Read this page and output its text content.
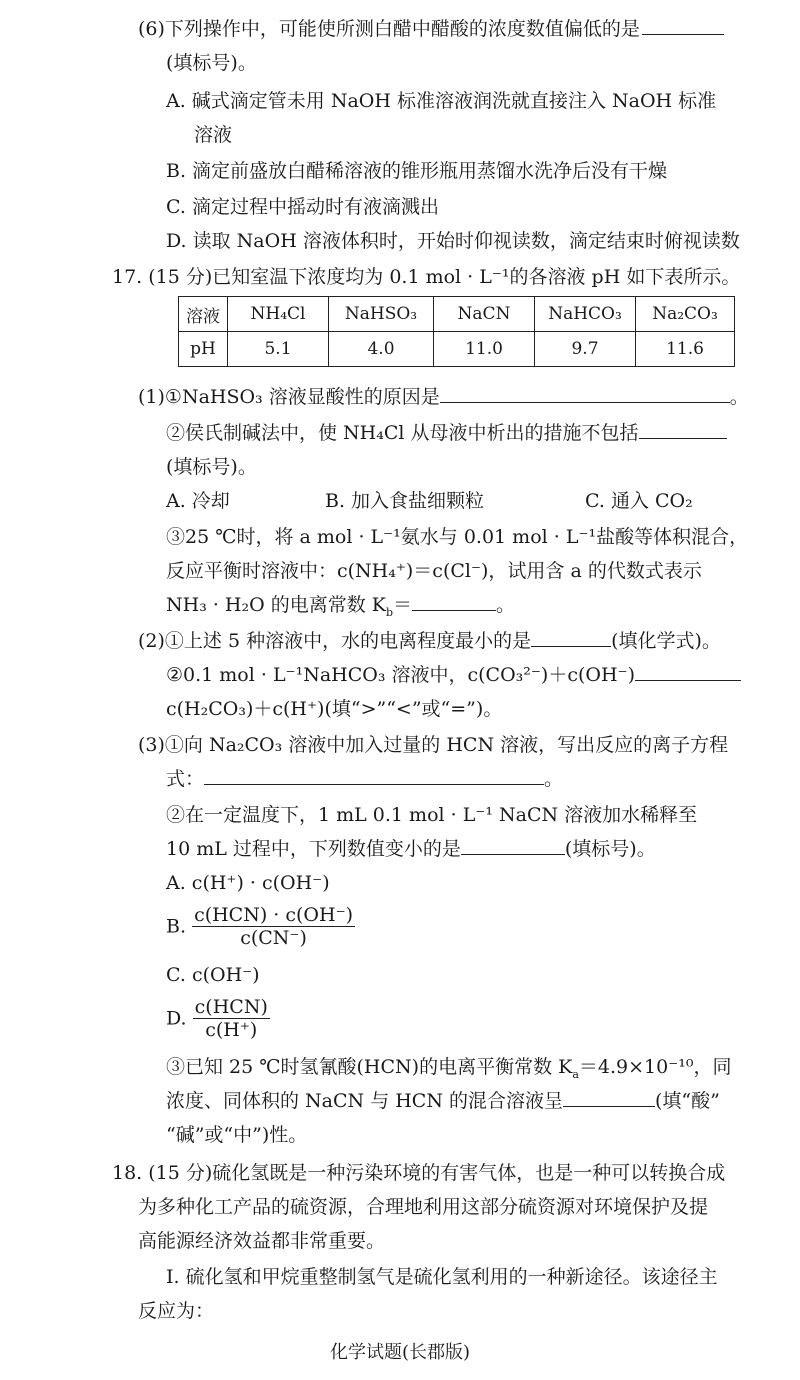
(6)下列操作中，可能使所测白醋中醋酸的浓度数值偏低的是
(填标号)。
A. 碱式滴定管未用 NaOH 标准溶液润洗就直接注入 NaOH 标准
溶液
B. 滴定前盛放白醋稀溶液的锥形瓶用蒸馏水洗净后没有干燥
C. 滴定过程中摇动时有液滴溅出
D. 读取 NaOH 溶液体积时，开始时仰视读数，滴定结束时俯视读数
17. (15 分)已知室温下浓度均为 0.1 mol · L⁻¹的各溶液 pH 如下表所示。
溶液	NH₄Cl	NaHSO₃	NaCN	NaHCO₃	Na₂CO₃
pH	5.1	4.0	11.0	9.7	11.6
(1)①NaHSO₃ 溶液显酸性的原因是	。
②侯氏制碱法中，使 NH₄Cl 从母液中析出的措施不包括
(填标号)。
A. 冷却	B. 加入食盐细颗粒	C. 通入 CO₂
③25 ℃时，将 a mol · L⁻¹氨水与 0.01 mol · L⁻¹盐酸等体积混合，
反应平衡时溶液中：c(NH₄⁺)＝c(Cl⁻)，试用含 a 的代数式表示
NH₃ · H₂O 的电离常数 $K_b=$	。
(2)①上述 5 种溶液中，水的电离程度最小的是	(填化学式)。
②0.1 mol · L⁻¹NaHCO₃ 溶液中，c(CO₃²⁻)＋c(OH⁻)
c(H₂CO₃)＋c(H⁺)(填“>”“<”或“=”)。
(3)①向 Na₂CO₃ 溶液中加入过量的 HCN 溶液，写出反应的离子方程
式：	。
②在一定温度下，1 mL 0.1 mol · L⁻¹ NaCN 溶液加水稀释至
10 mL 过程中，下列数值变小的是	(填标号)。
A. c(H⁺) · c(OH⁻)
B. $\frac{\text{c(HCN) · c(OH⁻)}}{c(CN^-)}$
C. c(OH⁻)
D. $\frac{\text{c(HCN)}}{c(H^+)}$
③已知 25 ℃时氢氰酸(HCN)的电离平衡常数 $K_a=4.9\times 10^{-10}$，同
浓度、同体积的 NaCN 与 HCN 的混合溶液呈	(填“酸”
“碱”或“中”)性。
18. (15 分)硫化氢既是一种污染环境的有害气体，也是一种可以转换合成
为多种化工产品的硫资源，合理地利用这部分硫资源对环境保护及提
高能源经济效益都非常重要。
Ⅰ. 硫化氢和甲烷重整制氢气是硫化氢利用的一种新途径。该途径主
反应为：
化学试题(长郡版)
